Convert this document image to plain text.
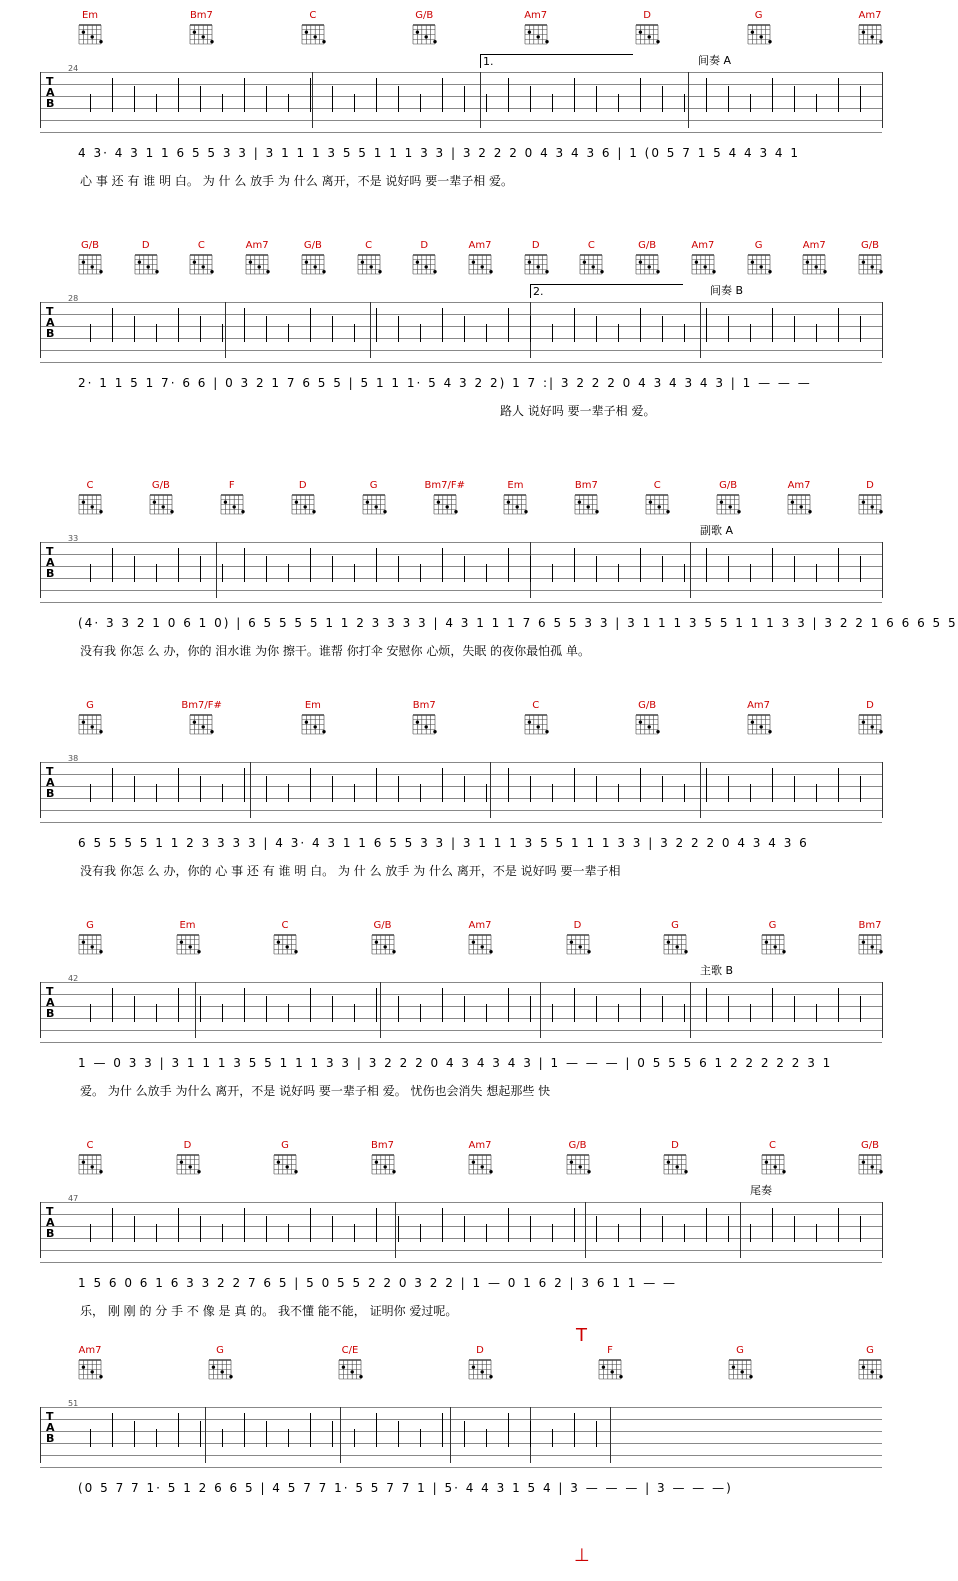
Em	Bm7	C	G/B	Am7	D	G	Am7
T
A
B
24
1.	间奏 A
4 3· 4 3 1 1 6 5 5 3 3 | 3 1 1 1 3 5 5 1 1 1 3 3 | 3 2 2 2 0 4 3 4 3 6 | 1 (0 5 7 1 5 4 4 3 4 1
心 事 还 有 谁 明 白。 为 什 么 放手 为 什么 离开，不是 说好吗 要一辈子相 爱。
G/B	D	C	Am7	G/B	C	D	Am7	D	C	G/B	Am7	G	Am7	G/B
T
A
B
28
2.	间奏 B
2· 1 1 5 1 7· 6 6 | 0 3 2 1 7 6 5 5 | 5 1 1 1· 5 4 3 2 2) 1 7 :| 3 2 2 2 0 4 3 4 3 4 3 | 1 — — —
路人 说好吗 要一辈子相 爱。
C	G/B	F	D	G	Bm7/F#	Em	Bm7	C	G/B	Am7	D
T
A
B
33
副歌 A
(4· 3 3 2 1 0 6 1 0) | 6 5 5 5 5 1 1 2 3 3 3 3 | 4 3 1 1 1 7 6 5 5 3 3 | 3 1 1 1 3 5 5 1 1 1 3 3 | 3 2 2 1 6 6 6 5 5
没有我 你怎 么 办，你的 泪水谁 为你 擦干。谁帮 你打伞 安慰你 心烦，失眠 的夜你最怕孤 单。
G	Bm7/F#	Em	Bm7	C	G/B	Am7	D
T
A
B
38
6 5 5 5 5 1 1 2 3 3 3 3 | 4 3· 4 3 1 1 6 5 5 3 3 | 3 1 1 1 3 5 5 1 1 1 3 3 | 3 2 2 2 0 4 3 4 3 6
没有我 你怎 么 办，你的 心 事 还 有 谁 明 白。 为 什 么 放手 为 什么 离开，不是 说好吗 要一辈子相
G	Em	C	G/B	Am7	D	G	G	Bm7
T
A
B
42
主歌 B
1 — 0 3 3 | 3 1 1 1 3 5 5 1 1 1 3 3 | 3 2 2 2 0 4 3 4 3 4 3 | 1 — — — | 0 5 5 5 6 1 2 2 2 2 2 3 1
爱。 为什 么放手 为什么 离开，不是 说好吗 要一辈子相 爱。 忧伤也会消失 想起那些 快
C	D	G	Bm7	Am7	G/B	D	C	G/B
T
A
B
47
尾奏
1 5 6 0 6 1 6 3 3 2 2 7 6 5 | 5 0 5 5 2 2 0 3 2 2 | 1 — 0 1 6 2 | 3 6 1 1 — —
乐， 刚 刚 的 分 手 不 像 是 真 的。 我不懂 能不能， 证明你 爱过呢。
Am7	G	C/E	D	F	G	G
T
A
B
51
(0 5 7 7 1· 5 1 2 6 6 5 | 4 5 7 7 1· 5 5 7 7 1 | 5· 4 4 3 1 5 4 | 3 — — — | 3 — — —)
T
⊥
